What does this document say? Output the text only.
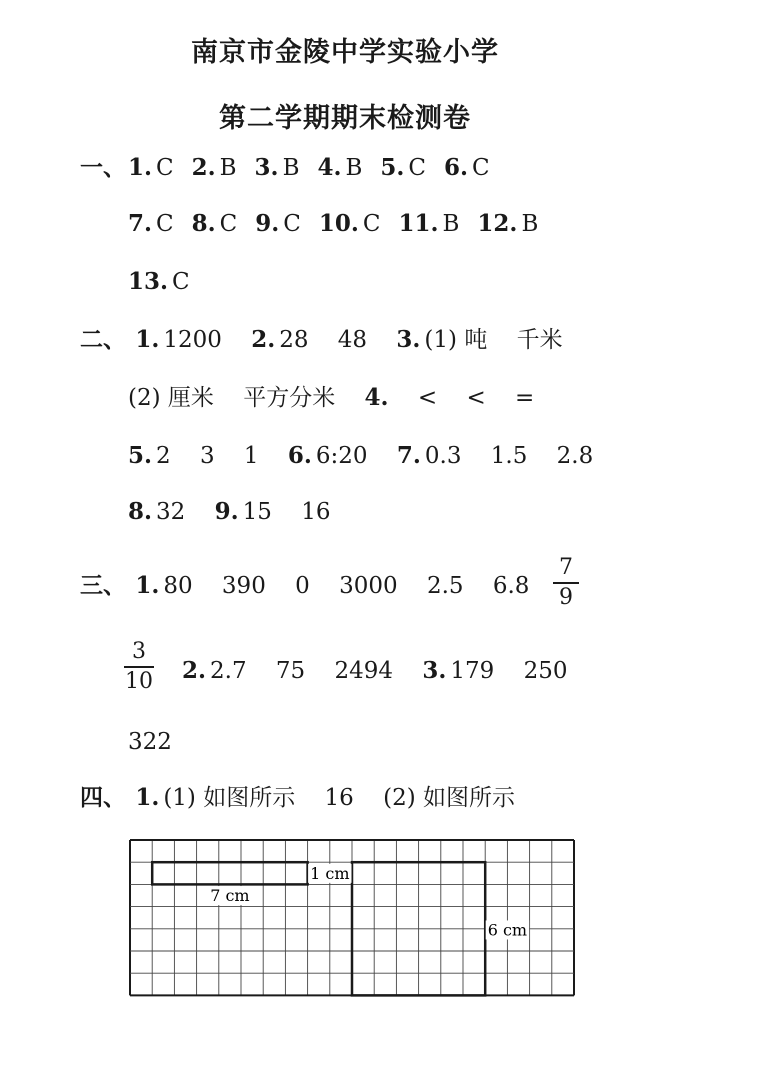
南京市金陵中学实验小学
第二学期期末检测卷
一、1. C 2. B 3. B 4. B 5. C 6. C
7. C 8. C 9. C 10. C 11. B 12. B
13. C
二、 1. 1200 2. 28 48 3. (1) 吨 千米
(2) 厘米 平方分米 4. < < =
5. 2 3 1 6. 6:20 7. 0.3 1.5 2.8
8. 32 9. 15 16
三、 1. 80 390 0 3000 2.5 6.8
7
9
3
10 2. 2.7 75 2494 3. 179 250
322
四、 1. (1) 如图所示 16 (2) 如图所示
7 cm
1 cm
6 cm
